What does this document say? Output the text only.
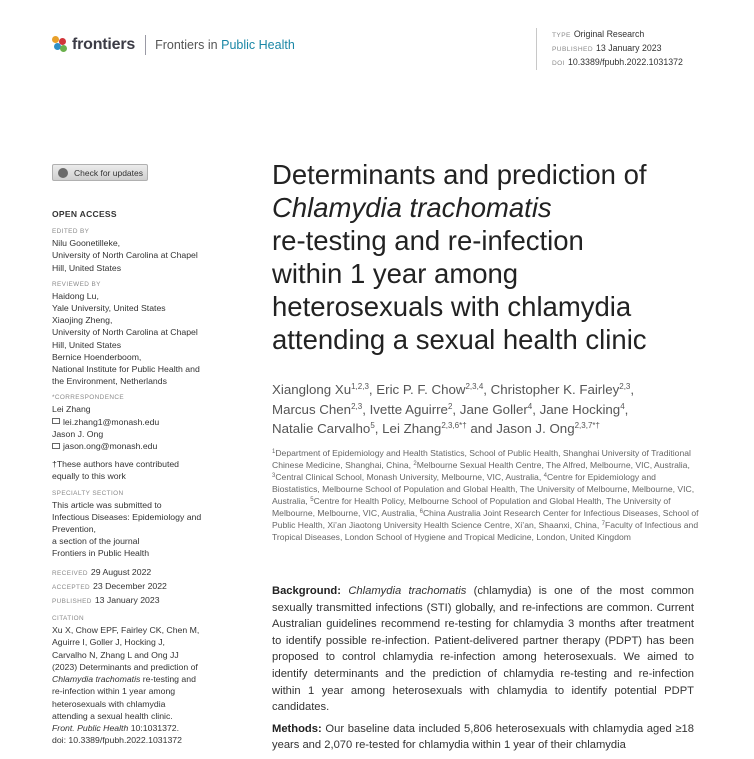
frontiers Frontiers in Public Health
TYPE Original Research
PUBLISHED 13 January 2023
DOI 10.3389/fpubh.2022.1031372
Check for updates
OPEN ACCESS
EDITED BY
Nilu Goonetilleke,
University of North Carolina at Chapel
Hill, United States
REVIEWED BY
Haidong Lu,
Yale University, United States
Xiaojing Zheng,
University of North Carolina at Chapel
Hill, United States
Bernice Hoenderboom,
National Institute for Public Health and
the Environment, Netherlands
*CORRESPONDENCE
Lei Zhang
lei.zhang1@monash.edu
Jason J. Ong
jason.ong@monash.edu
†These authors have contributed
equally to this work
SPECIALTY SECTION
This article was submitted to
Infectious Diseases: Epidemiology and
Prevention,
a section of the journal
Frontiers in Public Health
RECEIVED 29 August 2022
ACCEPTED 23 December 2022
PUBLISHED 13 January 2023
CITATION
Xu X, Chow EPF, Fairley CK, Chen M,
Aguirre I, Goller J, Hocking J,
Carvalho N, Zhang L and Ong JJ
(2023) Determinants and prediction of
Chlamydia trachomatis re-testing and
re-infection within 1 year among
heterosexuals with chlamydia
attending a sexual health clinic.
Front. Public Health 10:1031372.
doi: 10.3389/fpubh.2022.1031372
Determinants and prediction of
Chlamydia trachomatis
re-testing and re-infection
within 1 year among
heterosexuals with chlamydia
attending a sexual health clinic
Xianglong Xu$^{1,2,3}$, Eric P. F. Chow$^{2,3,4}$, Christopher K. Fairley$^{2,3}$,
Marcus Chen$^{2,3}$, Ivette Aguirre$^2$, Jane Goller$^4$, Jane Hocking$^4$,
Natalie Carvalho$^5$, Lei Zhang$^{2,3,6*\dagger}$ and Jason J. Ong$^{2,3,7*\dagger}$
$^1$Department of Epidemiology and Health Statistics, School of Public Health, Shanghai University of Traditional Chinese Medicine, Shanghai, China, $^2$Melbourne Sexual Health Centre, The Alfred, Melbourne, VIC, Australia, $^3$Central Clinical School, Monash University, Melbourne, VIC, Australia, $^4$Centre for Epidemiology and Biostatistics, Melbourne School of Population and Global Health, The University of Melbourne, Melbourne, VIC, Australia, $^5$Centre for Health Policy, Melbourne School of Population and Global Health, The University of Melbourne, Melbourne, VIC, Australia, $^6$China Australia Joint Research Center for Infectious Diseases, School of Public Health, Xi’an Jiaotong University Health Science Centre, Xi’an, Shaanxi, China, $^7$Faculty of Infectious and Tropical Diseases, London School of Hygiene and Tropical Medicine, London, United Kingdom

Background: Chlamydia trachomatis (chlamydia) is one of the most common sexually transmitted infections (STI) globally, and re-infections are common. Current Australian guidelines recommend re-testing for chlamydia 3 months after treatment to identify possible re-infection. Patient-delivered partner therapy (PDPT) has been proposed to control chlamydia re-infection among heterosexuals. We aimed to identify determinants and the prediction of chlamydia re-testing and re-infection within 1 year among heterosexuals with chlamydia to identify potential PDPT candidates.

Methods: Our baseline data included 5,806 heterosexuals with chlamydia aged ≥18 years and 2,070 re-tested for chlamydia within 1 year of their chlamydia
